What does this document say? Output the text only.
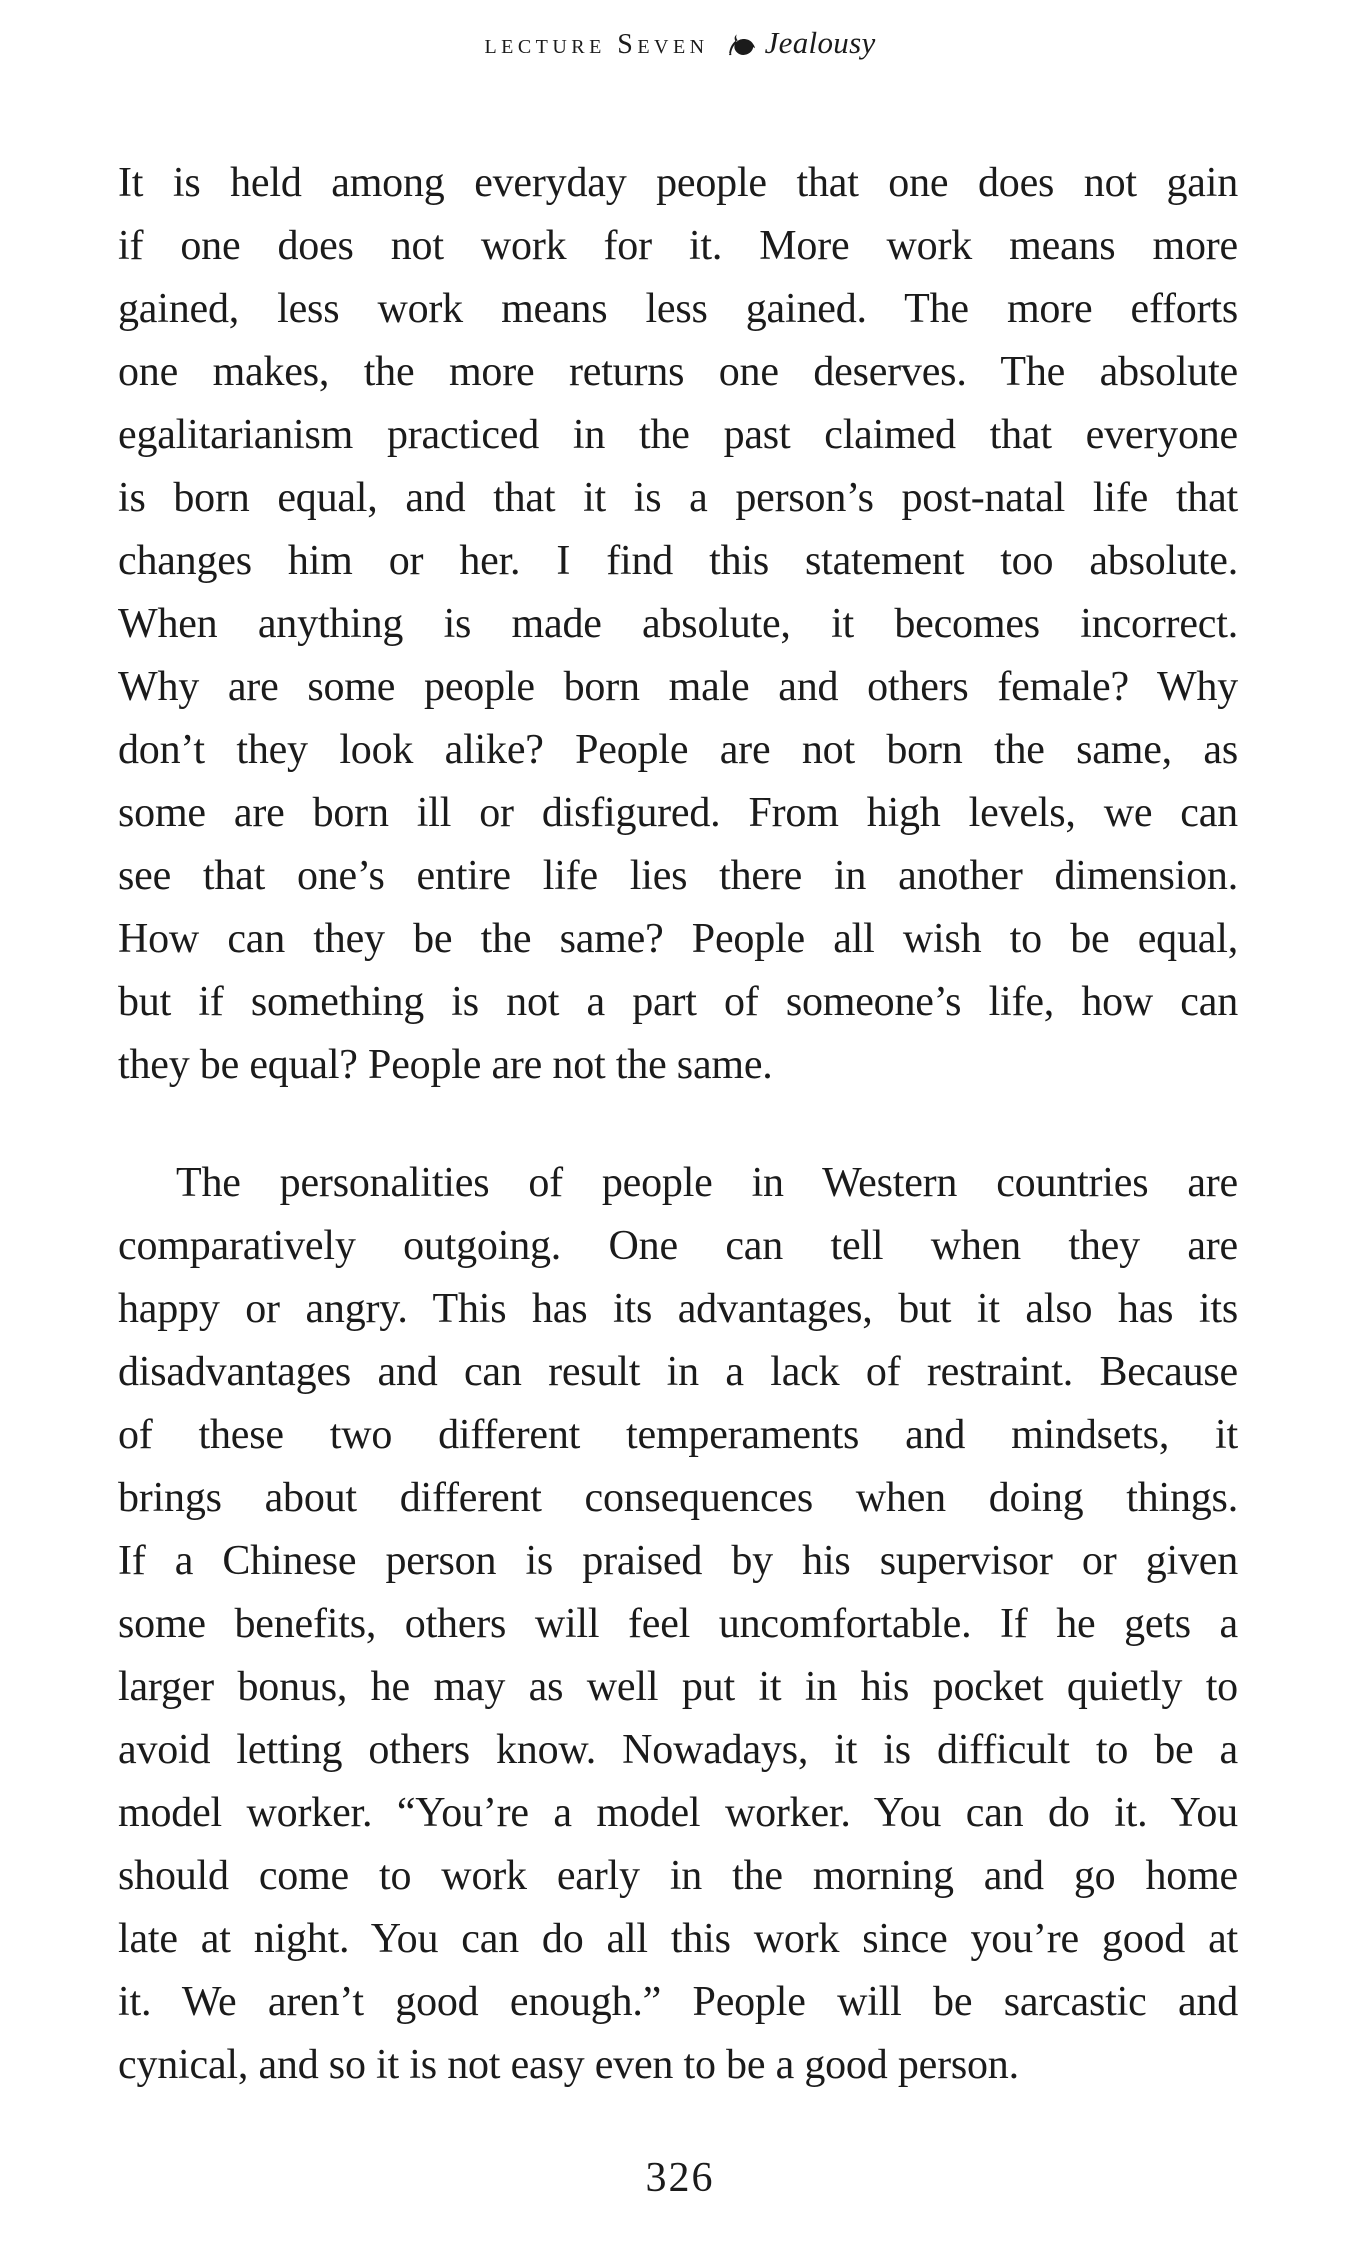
lecture Seven Jealousy
It is held among everyday people that one does not gain
if one does not work for it. More work means more
gained, less work means less gained. The more efforts
one makes, the more returns one deserves. The absolute
egalitarianism practiced in the past claimed that everyone
is born equal, and that it is a person’s post-natal life that
changes him or her. I find this statement too absolute.
When anything is made absolute, it becomes incorrect.
Why are some people born male and others female? Why
don’t they look alike? People are not born the same, as
some are born ill or disfigured. From high levels, we can
see that one’s entire life lies there in another dimension.
How can they be the same? People all wish to be equal,
but if something is not a part of someone’s life, how can
they be equal? People are not the same.
The personalities of people in Western countries are
comparatively outgoing. One can tell when they are
happy or angry. This has its advantages, but it also has its
disadvantages and can result in a lack of restraint. Because
of these two different temperaments and mindsets, it
brings about different consequences when doing things.
If a Chinese person is praised by his supervisor or given
some benefits, others will feel uncomfortable. If he gets a
larger bonus, he may as well put it in his pocket quietly to
avoid letting others know. Nowadays, it is difficult to be a
model worker. “You’re a model worker. You can do it. You
should come to work early in the morning and go home
late at night. You can do all this work since you’re good at
it. We aren’t good enough.” People will be sarcastic and
cynical, and so it is not easy even to be a good person.
326
